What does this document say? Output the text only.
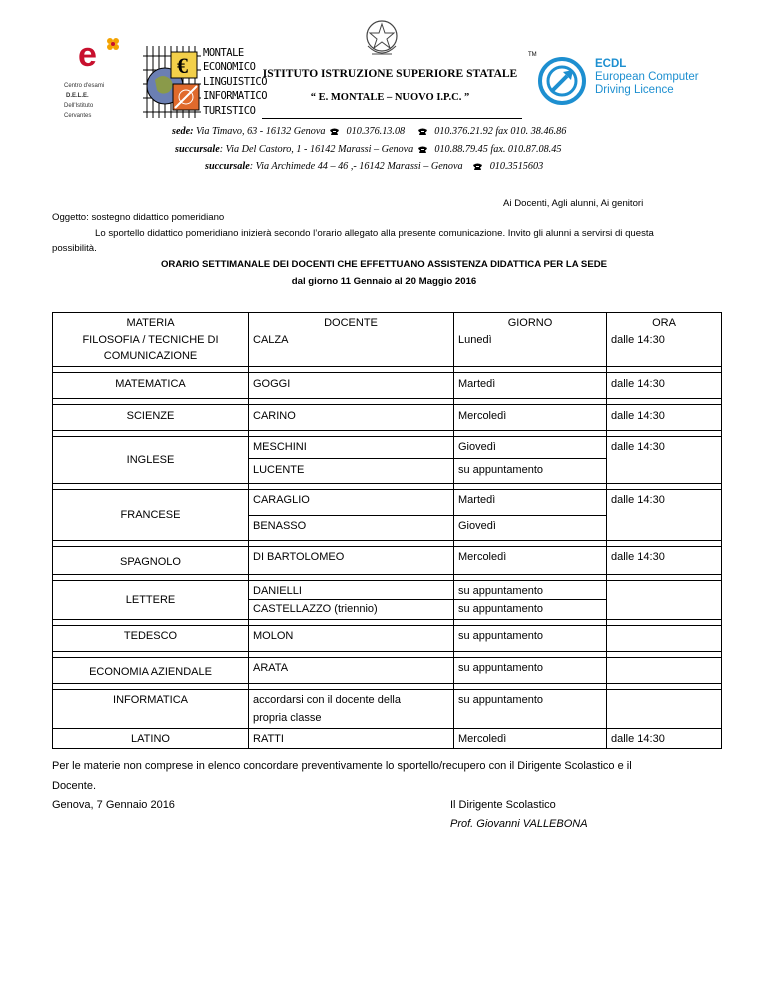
e
Centro d'esami
D.E.L.E.
Dell'Istituto
Cervantes
€ MONTALE
ECONOMICO
LINGUISTICO
INFORMATICO
TURISTICO
ISTITUTO ISTRUZIONE SUPERIORE STATALE
“ E. MONTALE – NUOVO I.P.C. ”
TM
ECDL
European Computer
Driving Licence
sede: Via Timavo, 63 - 16132 Genova 010.376.13.08	010.376.21.92 fax 010. 38.46.86
succursale: Via Del Castoro, 1 - 16142 Marassi – Genova 010.88.79.45 fax. 010.87.08.45
succursale: Via Archimede 44 – 46 ,- 16142 Marassi – Genova	010.3515603
Ai Docenti, Agli alunni, Ai genitori
Oggetto: sostegno didattico pomeridiano
Lo sportello didattico pomeridiano inizierà secondo l’orario allegato alla presente comunicazione. Invito gli alunni a servirsi di questa
possibilità.
ORARIO SETTIMANALE DEI DOCENTI CHE EFFETTUANO ASSISTENZA DIDATTICA PER LA SEDE
dal giorno 11 Gennaio al 20 Maggio 2016
MATERIA	DOCENTE	GIORNO	ORA

FILOSOFIA / TECNICHE DI
COMUNICAZIONE	CALZA	Lunedì	dalle 14:30

MATEMATICA	GOGGI	Martedì	dalle 14:30

SCIENZE	CARINO	Mercoledì	dalle 14:30

INGLESE	MESCHINI	Giovedì	dalle 14:30

	LUCENTE	su appuntamento	

FRANCESE	CARAGLIO	Martedì	dalle 14:30

	BENASSO	Giovedì	

SPAGNOLO	DI BARTOLOMEO	Mercoledì	dalle 14:30

LETTERE	DANIELLI	su appuntamento	

	CASTELLAZZO (triennio)	su appuntamento	

TEDESCO	MOLON	su appuntamento	

ECONOMIA AZIENDALE	ARATA	su appuntamento	

INFORMATICA	accordarsi con il docente della
propria classe	su appuntamento	

LATINO	RATTI	Mercoledì	dalle 14:30
Per le materie non comprese in elenco concordare preventivamente lo sportello/recupero con il Dirigente Scolastico e il
Docente.
Genova, 7 Gennaio 2016	Il Dirigente Scolastico
Prof. Giovanni VALLEBONA
